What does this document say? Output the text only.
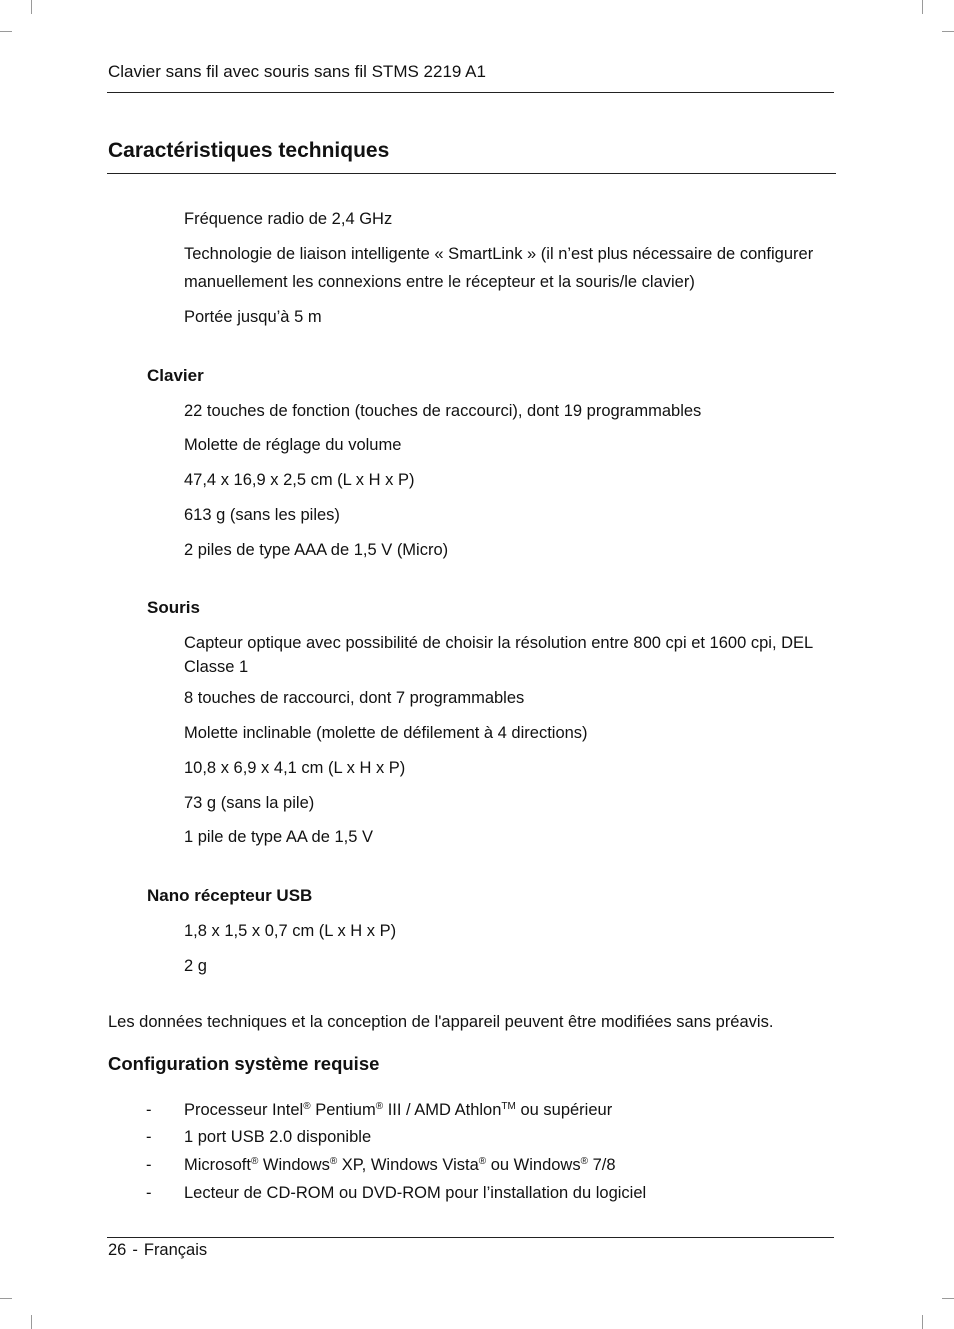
Clavier sans fil avec souris sans fil STMS 2219 A1
Caractéristiques techniques
Fréquence radio de 2,4 GHz
Technologie de liaison intelligente « SmartLink » (il n’est plus nécessaire de configurer
manuellement les connexions entre le récepteur et la souris/le clavier)
Portée jusqu’à 5 m
Clavier
22 touches de fonction (touches de raccourci), dont 19 programmables
Molette de réglage du volume
47,4 x 16,9 x 2,5 cm (L x H x P)
613 g (sans les piles)
2 piles de type AAA de 1,5 V (Micro)
Souris
Capteur optique avec possibilité de choisir la résolution entre 800 cpi et 1600 cpi, DEL
Classe 1
8 touches de raccourci, dont 7 programmables
Molette inclinable (molette de défilement à 4 directions)
10,8 x 6,9 x 4,1 cm (L x H x P)
73 g (sans la pile)
1 pile de type AA de 1,5 V
Nano récepteur USB
1,8 x 1,5 x 0,7 cm (L x H x P)
2 g
Les données techniques et la conception de l'appareil peuvent être modifiées sans préavis.
Configuration système requise
- Processeur Intel® Pentium® III / AMD Athlon™ ou supérieur
- 1 port USB 2.0 disponible
- Microsoft® Windows® XP, Windows Vista® ou Windows® 7/8
- Lecteur de CD-ROM ou DVD-ROM pour l’installation du logiciel
26 - Français
